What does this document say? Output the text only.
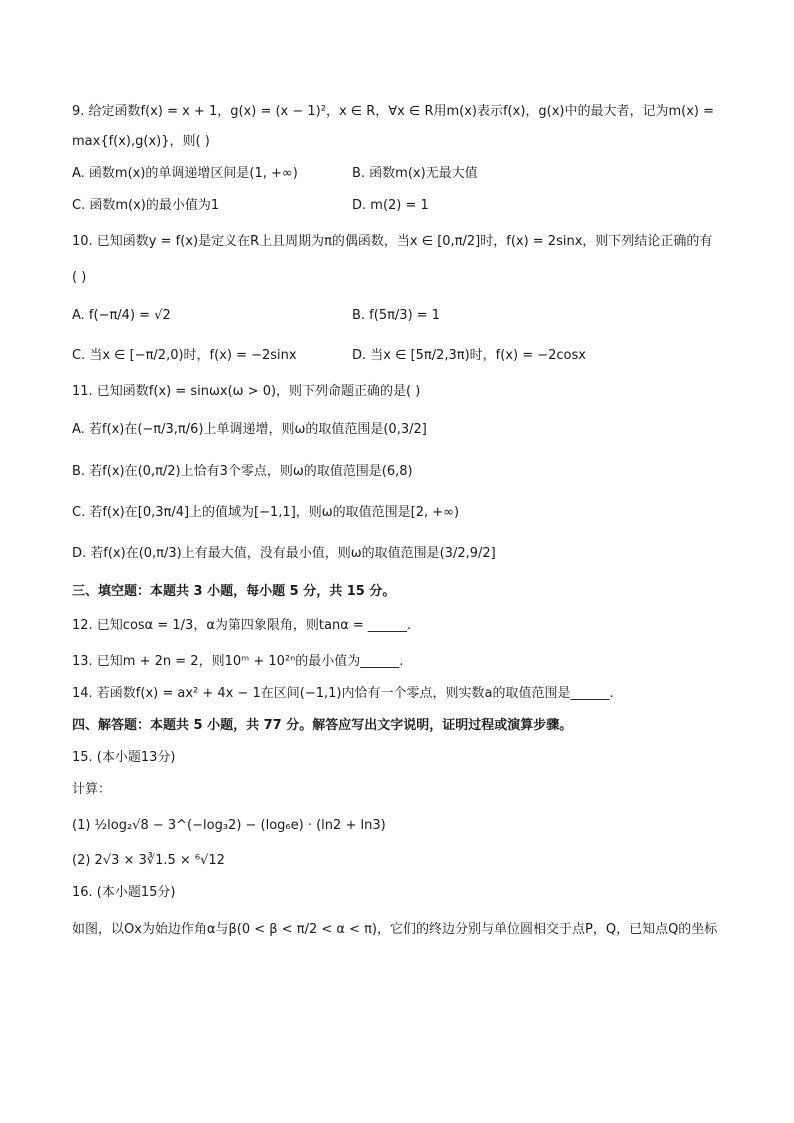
9. 给定函数f(x) = x + 1，g(x) = (x − 1)²，x ∈ R，∀x ∈ R用m(x)表示f(x)，g(x)中的最大者，记为m(x) =
max{f(x),g(x)}，则( )
A. 函数m(x)的单调递增区间是(1, +∞)	B. 函数m(x)无最大值
C. 函数m(x)的最小值为1	D. m(2) = 1
10. 已知函数y = f(x)是定义在R上且周期为π的偶函数，当x ∈ [0,π/2]时，f(x) = 2sinx，则下列结论正确的有
( )
A. f(−π/4) = √2	B. f(5π/3) = 1
C. 当x ∈ [−π/2,0)时，f(x) = −2sinx	D. 当x ∈ [5π/2,3π)时，f(x) = −2cosx
11. 已知函数f(x) = sinωx(ω > 0)，则下列命题正确的是( )
A. 若f(x)在(−π/3,π/6)上单调递增，则ω的取值范围是(0,3/2]
B. 若f(x)在(0,π/2)上恰有3个零点，则ω的取值范围是(6,8)
C. 若f(x)在[0,3π/4]上的值域为[−1,1]，则ω的取值范围是[2, +∞)
D. 若f(x)在(0,π/3)上有最大值，没有最小值，则ω的取值范围是(3/2,9/2]
三、填空题：本题共 3 小题，每小题 5 分，共 15 分。
12. 已知cosα = 1/3，α为第四象限角，则tanα = ______.
13. 已知m + 2n = 2，则10ᵐ + 10²ⁿ的最小值为______.
14. 若函数f(x) = ax² + 4x − 1在区间(−1,1)内恰有一个零点，则实数a的取值范围是______.
四、解答题：本题共 5 小题，共 77 分。解答应写出文字说明，证明过程或演算步骤。
15. (本小题13分)
计算：
(1) ½log₂√8 − 3^(−log₃2) − (log₆e) · (ln2 + ln3)
(2) 2√3 × 3∛1.5 × ⁶√12
16. (本小题15分)
如图，以Ox为始边作角α与β(0 < β < π/2 < α < π)，它们的终边分别与单位圆相交于点P，Q，已知点Q的坐标
